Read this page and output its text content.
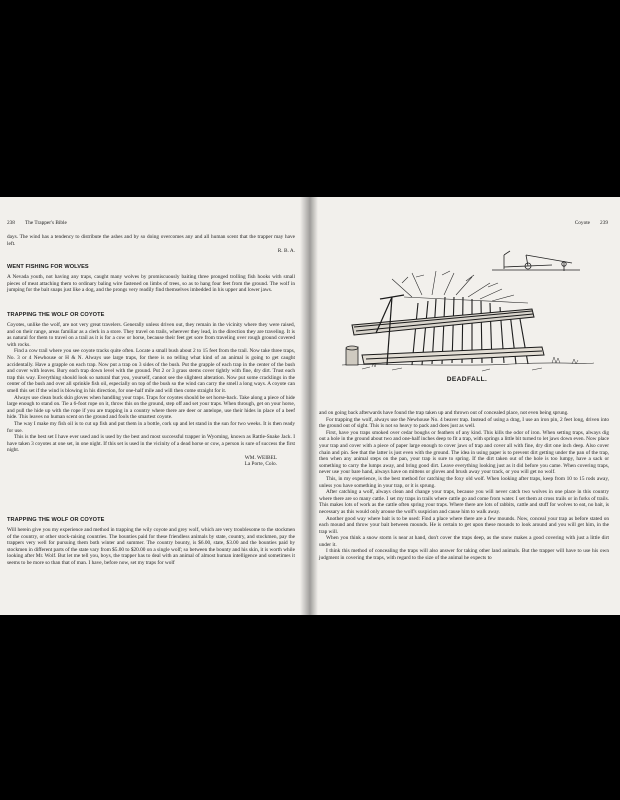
238 The Trapper's Bible

days. The wind has a tendency to distribute the ashes and by so doing overcomes any and all human scent that the trapper may have left.

R. B. A.
WENT FISHING FOR WOLVES

A Nevada youth, not having any traps, caught many wolves by promiscuously baiting three pronged trolling fish hooks with small pieces of meat attaching them to ordinary baling wire fastened on limbs of trees, so as to hang four feet from the ground. The wolf in jumping for the bait snaps just like a dog, and the prongs very readily find themselves imbedded in his upper and lower jaws.

TRAPPING THE WOLF OR COYOTE

Coyotes, unlike the wolf, are not very great travelers. Generally unless driven out, they remain in the vicinity where they were raised, and on their range, areas familiar as a clerk in a store. They travel on trails, wherever they lead, in the direction they are traveling. It is as natural for them to travel on a trail as it is for a cow or horse, because their feet get sore from traveling over rough ground covered with rocks.

Find a cow trail where you see coyote tracks quite often. Locate a small bush about 2 to 15 feet from the trail. Now take three traps, No. 3 or 4 Newhouse or H & N. Always use large traps, for there is no telling what kind of an animal is going to get caught accidentally. Have a grapple on each trap. Now put a trap on 3 sides of the bush. Put the grapple of each trap in the center of the bush and cover with leaves. Bury each trap down level with the ground. Put 2 or 3 grass stems cover tightly with fine, dry dirt. Trust each trap this way. Everything should look so natural that you, yourself, cannot see the slightest alteration. Now put some cracklings in the center of the bush and over all sprinkle fish oil, especially on top of the bush so the wind can carry the smell a long ways. A coyote can smell this set if the wind is blowing in his direction, for one-half mile and will then come straight for it.

Always use clean buck skin gloves when handling your traps. Traps for coyotes should be set horse-back. Take along a piece of hide large enough to stand on. Tie a 6-foot rope on it, throw this on the ground, step off and set your traps. When through, get on your horse, and pull the hide up with the rope if you are trapping in a country where there are deer or antelope, use their hides in place of a beef hide. This leaves no human scent on the ground and fools the smartest coyote.

The way I make my fish oil is to cut up fish and put them in a bottle, cork up and let stand in the sun for two weeks. It is then ready for use.

This is the best set I have ever used and is used by the best and most successful trapper in Wyoming, known as Rattle-Snake Jack. I have taken 3 coyotes at one set, in one night. If this set is used in the vicinity of a dead horse or cow, a person is sure of success the first night.

WM. WEIBEL
La Porte, Colo.
TRAPPING THE WOLF OR COYOTE

Will herein give you my experience and method in trapping the wily coyote and grey wolf, which are very troublesome to the stockmen of the country, or other stock-raising countries. The bounties paid for these friendless animals by state, country, and stockmen, pay the trappers very well for pursuing them both winter and summer. The country bounty, is $6.00, state, $3.00 and the bounties paid by stockmen in different parts of the state vary from $5.00 to $20.00 on a single wolf; so between the bounty and his skin, it is worth while looking after Mr. Wolf. But let me tell you, boys, the trapper has to deal with an animal of almost human intelligence and sometimes it seems to be more so than that of man. I have, before now, set my traps for wolf

Coyote 239
DEADFALL.

and on going back afterwards have found the trap taken up and thrown out of concealed place, not even being sprung.

For trapping the wolf, always use the Newhouse No. 4 beaver trap. Instead of using a drag, I use an iron pin, 2 feet long, driven into the ground out of sight. This is not so heavy to pack and does just as well.

First, have you traps smoked over cedar boughs or feathers of any kind. This kills the odor of iron. When setting traps, always dig out a hole in the ground about two and one-half inches deep to fit a trap, with springs a little bit turned to let jaws down even. Now place your trap and cover with a piece of paper large enough to cover jaws of trap and cover all with fine, dry dirt one inch deep. Also cover chain and pin. See that the latter is just even with the ground. The idea in using paper is to prevent dirt getting under the pan of the trap, then when any animal steps on the pan, your trap is sure to spring. If the dirt taken out of the hole is too lumpy, have a sack or something to carry the lumps away, and bring good dirt. Leave everything looking just as it did before you came. When covering traps, never use your bare hand, always have on mittens or gloves and brush away your track, or you will get no wolf.

This, in my experience, is the best method for catching the foxy old wolf. When looking after traps, keep from 10 to 15 rods away, unless you have something in your trap, or it is sprung.

After catching a wolf, always clean and change your traps, because you will never catch two wolves in one place in this country where there are so many cattle. I set my traps in trails where cattle go and come from water. I set them at cross trails or in forks of trails. This makes lots of work as the cattle often spring your traps. Where there are lots of rabbits, cattle and stuff for wolves to eat, no bait, is necessary as this would only arouse the wolf's suspicion and cause him to walk away.

Another good way where bait is to be used: Find a place where there are a few mounds. Now, conceal your trap as before stated on each mound and throw your bait between mounds. He is certain to get upon these mounds to look around and you will get him, in the trap will.

When you think a snow storm is near at hand, don't cover the traps deep, as the snow makes a good covering with just a little dirt under it.

I think this method of concealing the traps will also answer for taking other land animals. But the trapper will have to use his own judgment in covering the traps, with regard to the size of the animal he expects to
